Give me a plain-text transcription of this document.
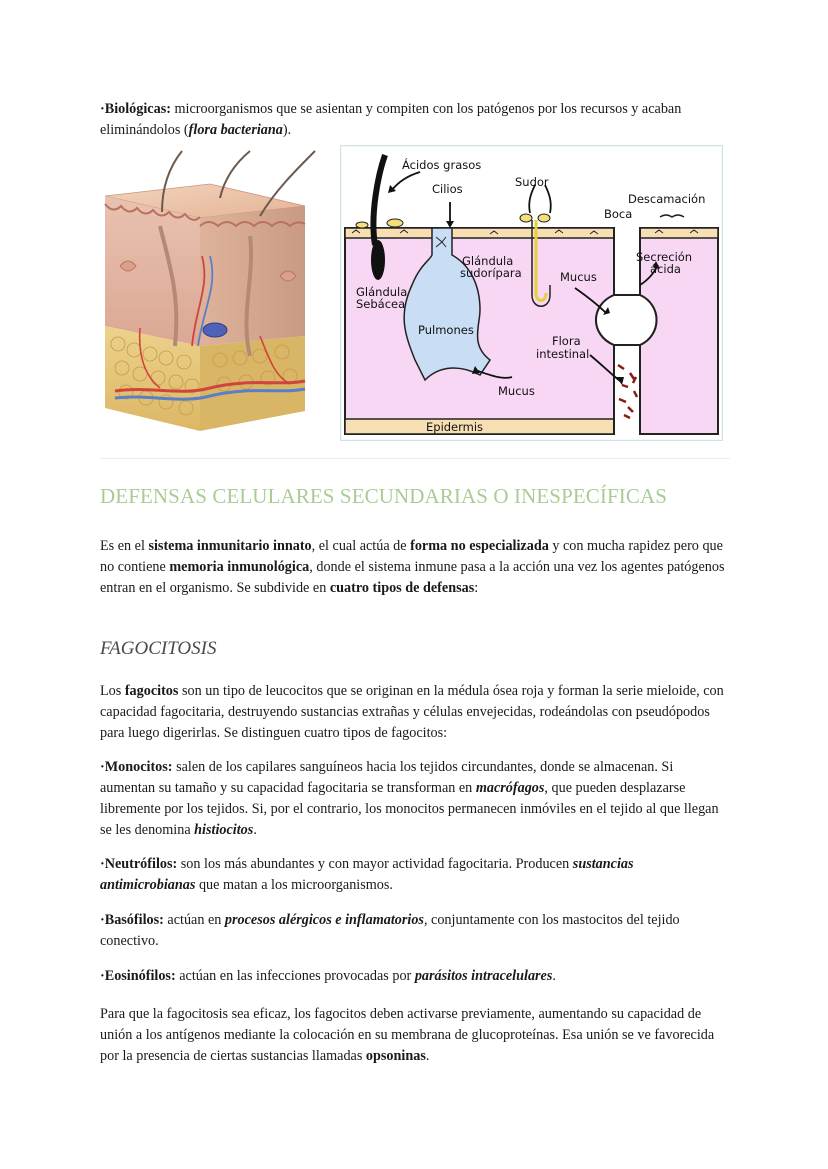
·Biológicas: microorganismos que se asientan y compiten con los patógenos por los recursos y acaban eliminándolos (flora bacteriana).

Ácidos grasos
Cilios	Sudor
Descamación
Boca
Glándula
sudorípara
Glándula
Sebácea
Mucus
Secreción
ácida
Pulmones
Flora
intestinal
Mucus
Epidermis
DEFENSAS CELULARES SECUNDARIAS O INESPECÍFICAS

Es en el sistema inmunitario innato, el cual actúa de forma no especializada y con mucha rapidez pero que no contiene memoria inmunológica, donde el sistema inmune pasa a la acción una vez los agentes patógenos entran en el organismo. Se subdivide en cuatro tipos de defensas:

FAGOCITOSIS

Los fagocitos son un tipo de leucocitos que se originan en la médula ósea roja y forman la serie mieloide, con capacidad fagocitaria, destruyendo sustancias extrañas y células envejecidas, rodeándolas con pseudópodos para luego digerirlas. Se distinguen cuatro tipos de fagocitos:

·Monocitos: salen de los capilares sanguíneos hacia los tejidos circundantes, donde se almacenan. Si aumentan su tamaño y su capacidad fagocitaria se transforman en macrófagos, que pueden desplazarse libremente por los tejidos. Si, por el contrario, los monocitos permanecen inmóviles en el tejido al que llegan se les denomina histiocitos.

·Neutrófilos: son los más abundantes y con mayor actividad fagocitaria. Producen sustancias antimicrobianas que matan a los microorganismos.

·Basófilos: actúan en procesos alérgicos e inflamatorios, conjuntamente con los mastocitos del tejido conectivo.

·Eosinófilos: actúan en las infecciones provocadas por parásitos intracelulares.

Para que la fagocitosis sea eficaz, los fagocitos deben activarse previamente, aumentando su capacidad de unión a los antígenos mediante la colocación en su membrana de glucoproteínas. Esa unión se ve favorecida por la presencia de ciertas sustancias llamadas opsoninas.
